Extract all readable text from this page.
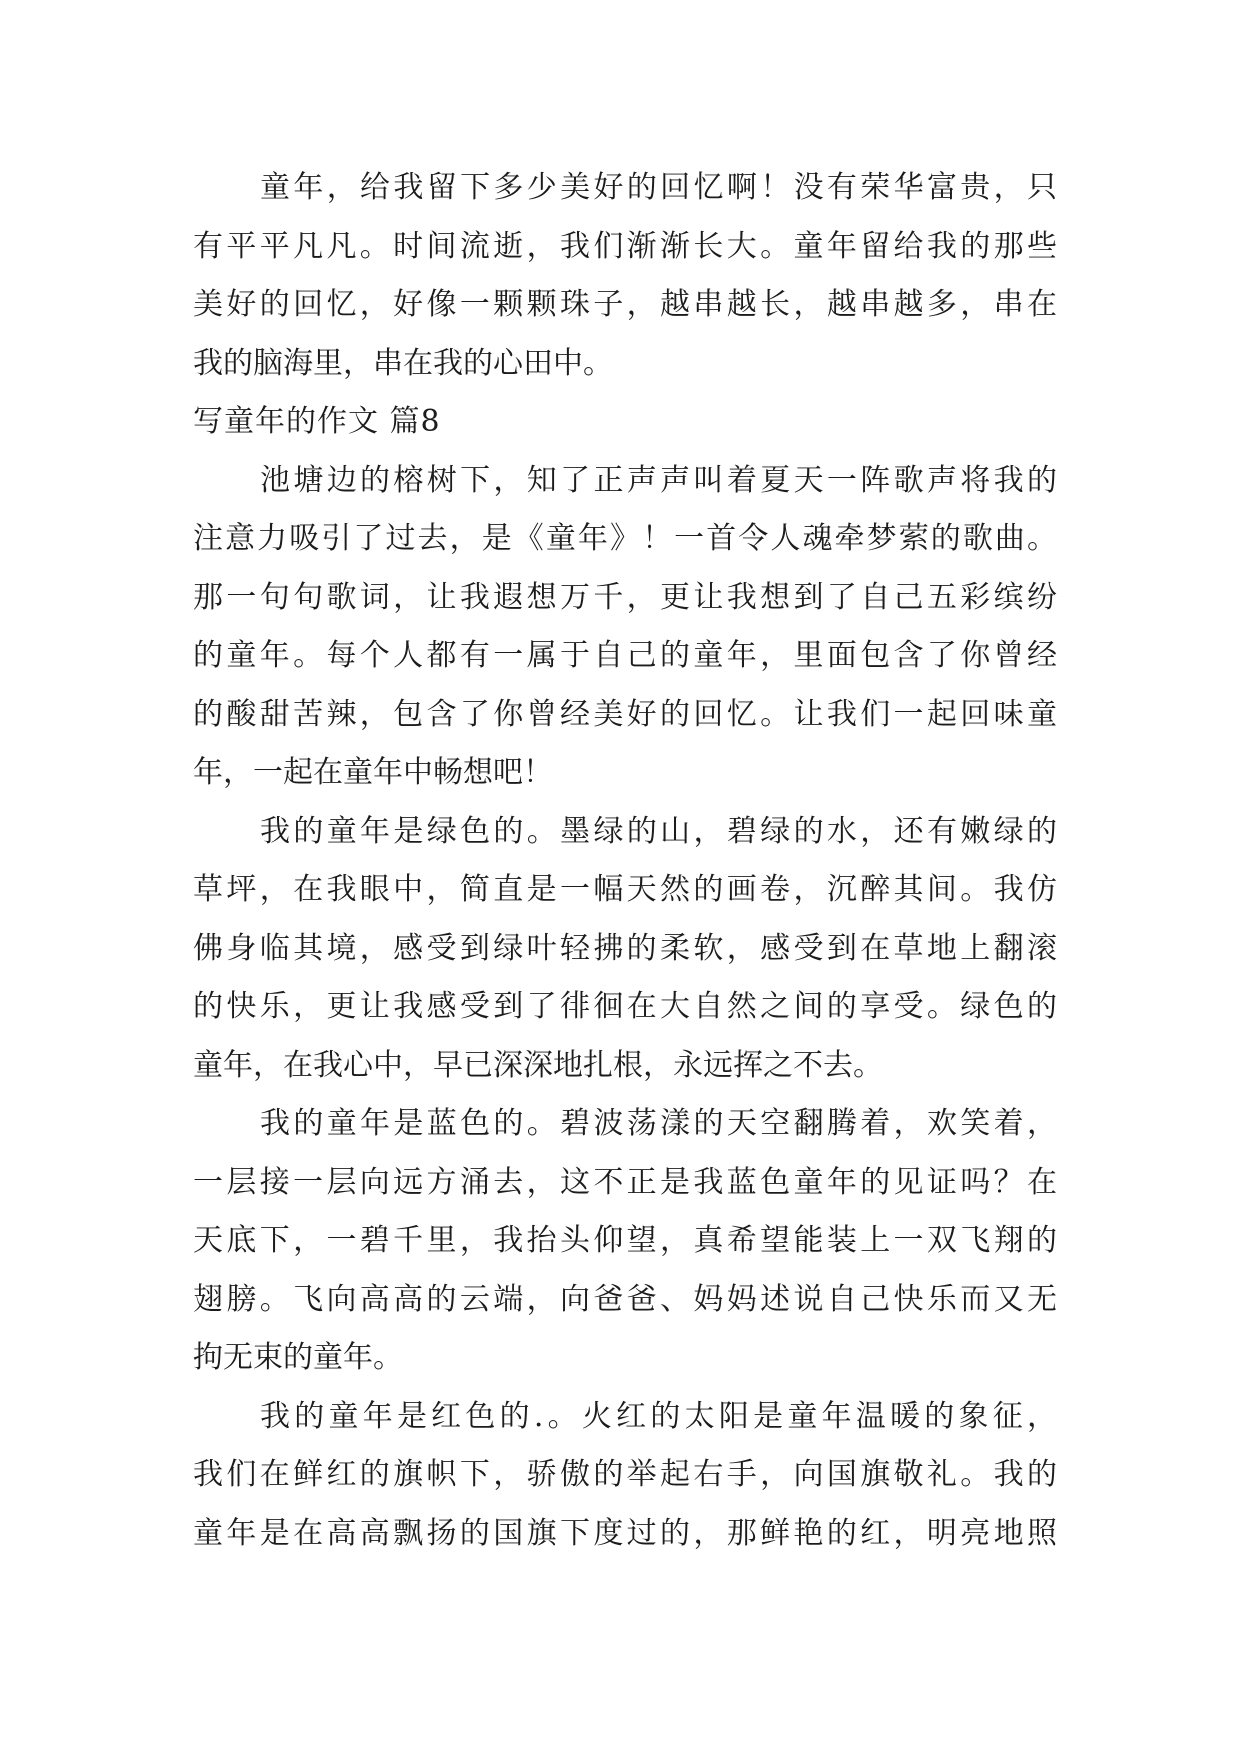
童年，给我留下多少美好的回忆啊！没有荣华富贵，只
有平平凡凡。时间流逝，我们渐渐长大。童年留给我的那些
美好的回忆，好像一颗颗珠子，越串越长，越串越多，串在
我的脑海里，串在我的心田中。
写童年的作文 篇8
池塘边的榕树下，知了正声声叫着夏天一阵歌声将我的
注意力吸引了过去，是《童年》！一首令人魂牵梦萦的歌曲。
那一句句歌词，让我遐想万千，更让我想到了自己五彩缤纷
的童年。每个人都有一属于自己的童年，里面包含了你曾经
的酸甜苦辣，包含了你曾经美好的回忆。让我们一起回味童
年，一起在童年中畅想吧！
我的童年是绿色的。墨绿的山，碧绿的水，还有嫩绿的
草坪，在我眼中，简直是一幅天然的画卷，沉醉其间。我仿
佛身临其境，感受到绿叶轻拂的柔软，感受到在草地上翻滚
的快乐，更让我感受到了徘徊在大自然之间的享受。绿色的
童年，在我心中，早已深深地扎根，永远挥之不去。
我的童年是蓝色的。碧波荡漾的天空翻腾着，欢笑着，
一层接一层向远方涌去，这不正是我蓝色童年的见证吗？在
天底下，一碧千里，我抬头仰望，真希望能装上一双飞翔的
翅膀。飞向高高的云端，向爸爸、妈妈述说自己快乐而又无
拘无束的童年。
我的童年是红色的.。火红的太阳是童年温暖的象征，
我们在鲜红的旗帜下，骄傲的举起右手，向国旗敬礼。我的
童年是在高高飘扬的国旗下度过的，那鲜艳的红，明亮地照
